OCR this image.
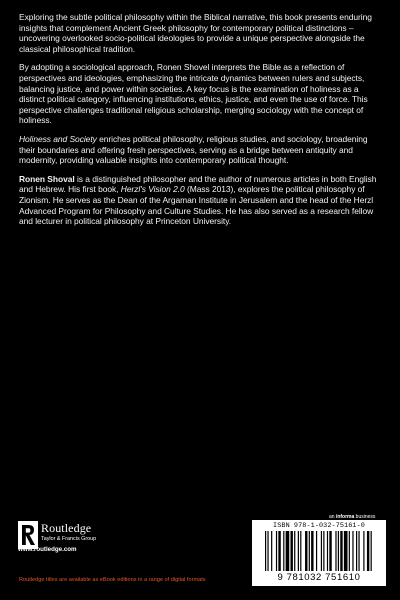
Exploring the subtle political philosophy within the Biblical narrative, this book presents enduring insights that complement Ancient Greek philosophy for contemporary political distinctions – uncovering overlooked socio-political ideologies to provide a unique perspective alongside the classical philosophical tradition.

By adopting a sociological approach, Ronen Shovel interprets the Bible as a reflection of perspectives and ideologies, emphasizing the intricate dynamics between rulers and subjects, balancing justice, and power within societies. A key focus is the examination of holiness as a distinct political category, influencing institutions, ethics, justice, and even the use of force. This perspective challenges traditional religious scholarship, merging sociology with the concept of holiness.

Holiness and Society enriches political philosophy, religious studies, and sociology, broadening their boundaries and offering fresh perspectives, serving as a bridge between antiquity and modernity, providing valuable insights into contemporary political thought.

Ronen Shoval is a distinguished philosopher and the author of numerous articles in both English and Hebrew. His first book, Herzl's Vision 2.0 (Mass 2013), explores the political philosophy of Zionism. He serves as the Dean of the Argaman Institute in Jerusalem and the head of the Herzl Advanced Program for Philosophy and Culture Studies. He has also served as a research fellow and lecturer in political philosophy at Princeton University.

an informa business
Routledge
Taylor & Francis Group
www.routledge.com
ISBN 978-1-032-75161-0
9 781032 751610
Routledge titles are available as eBook editions in a range of digital formats
